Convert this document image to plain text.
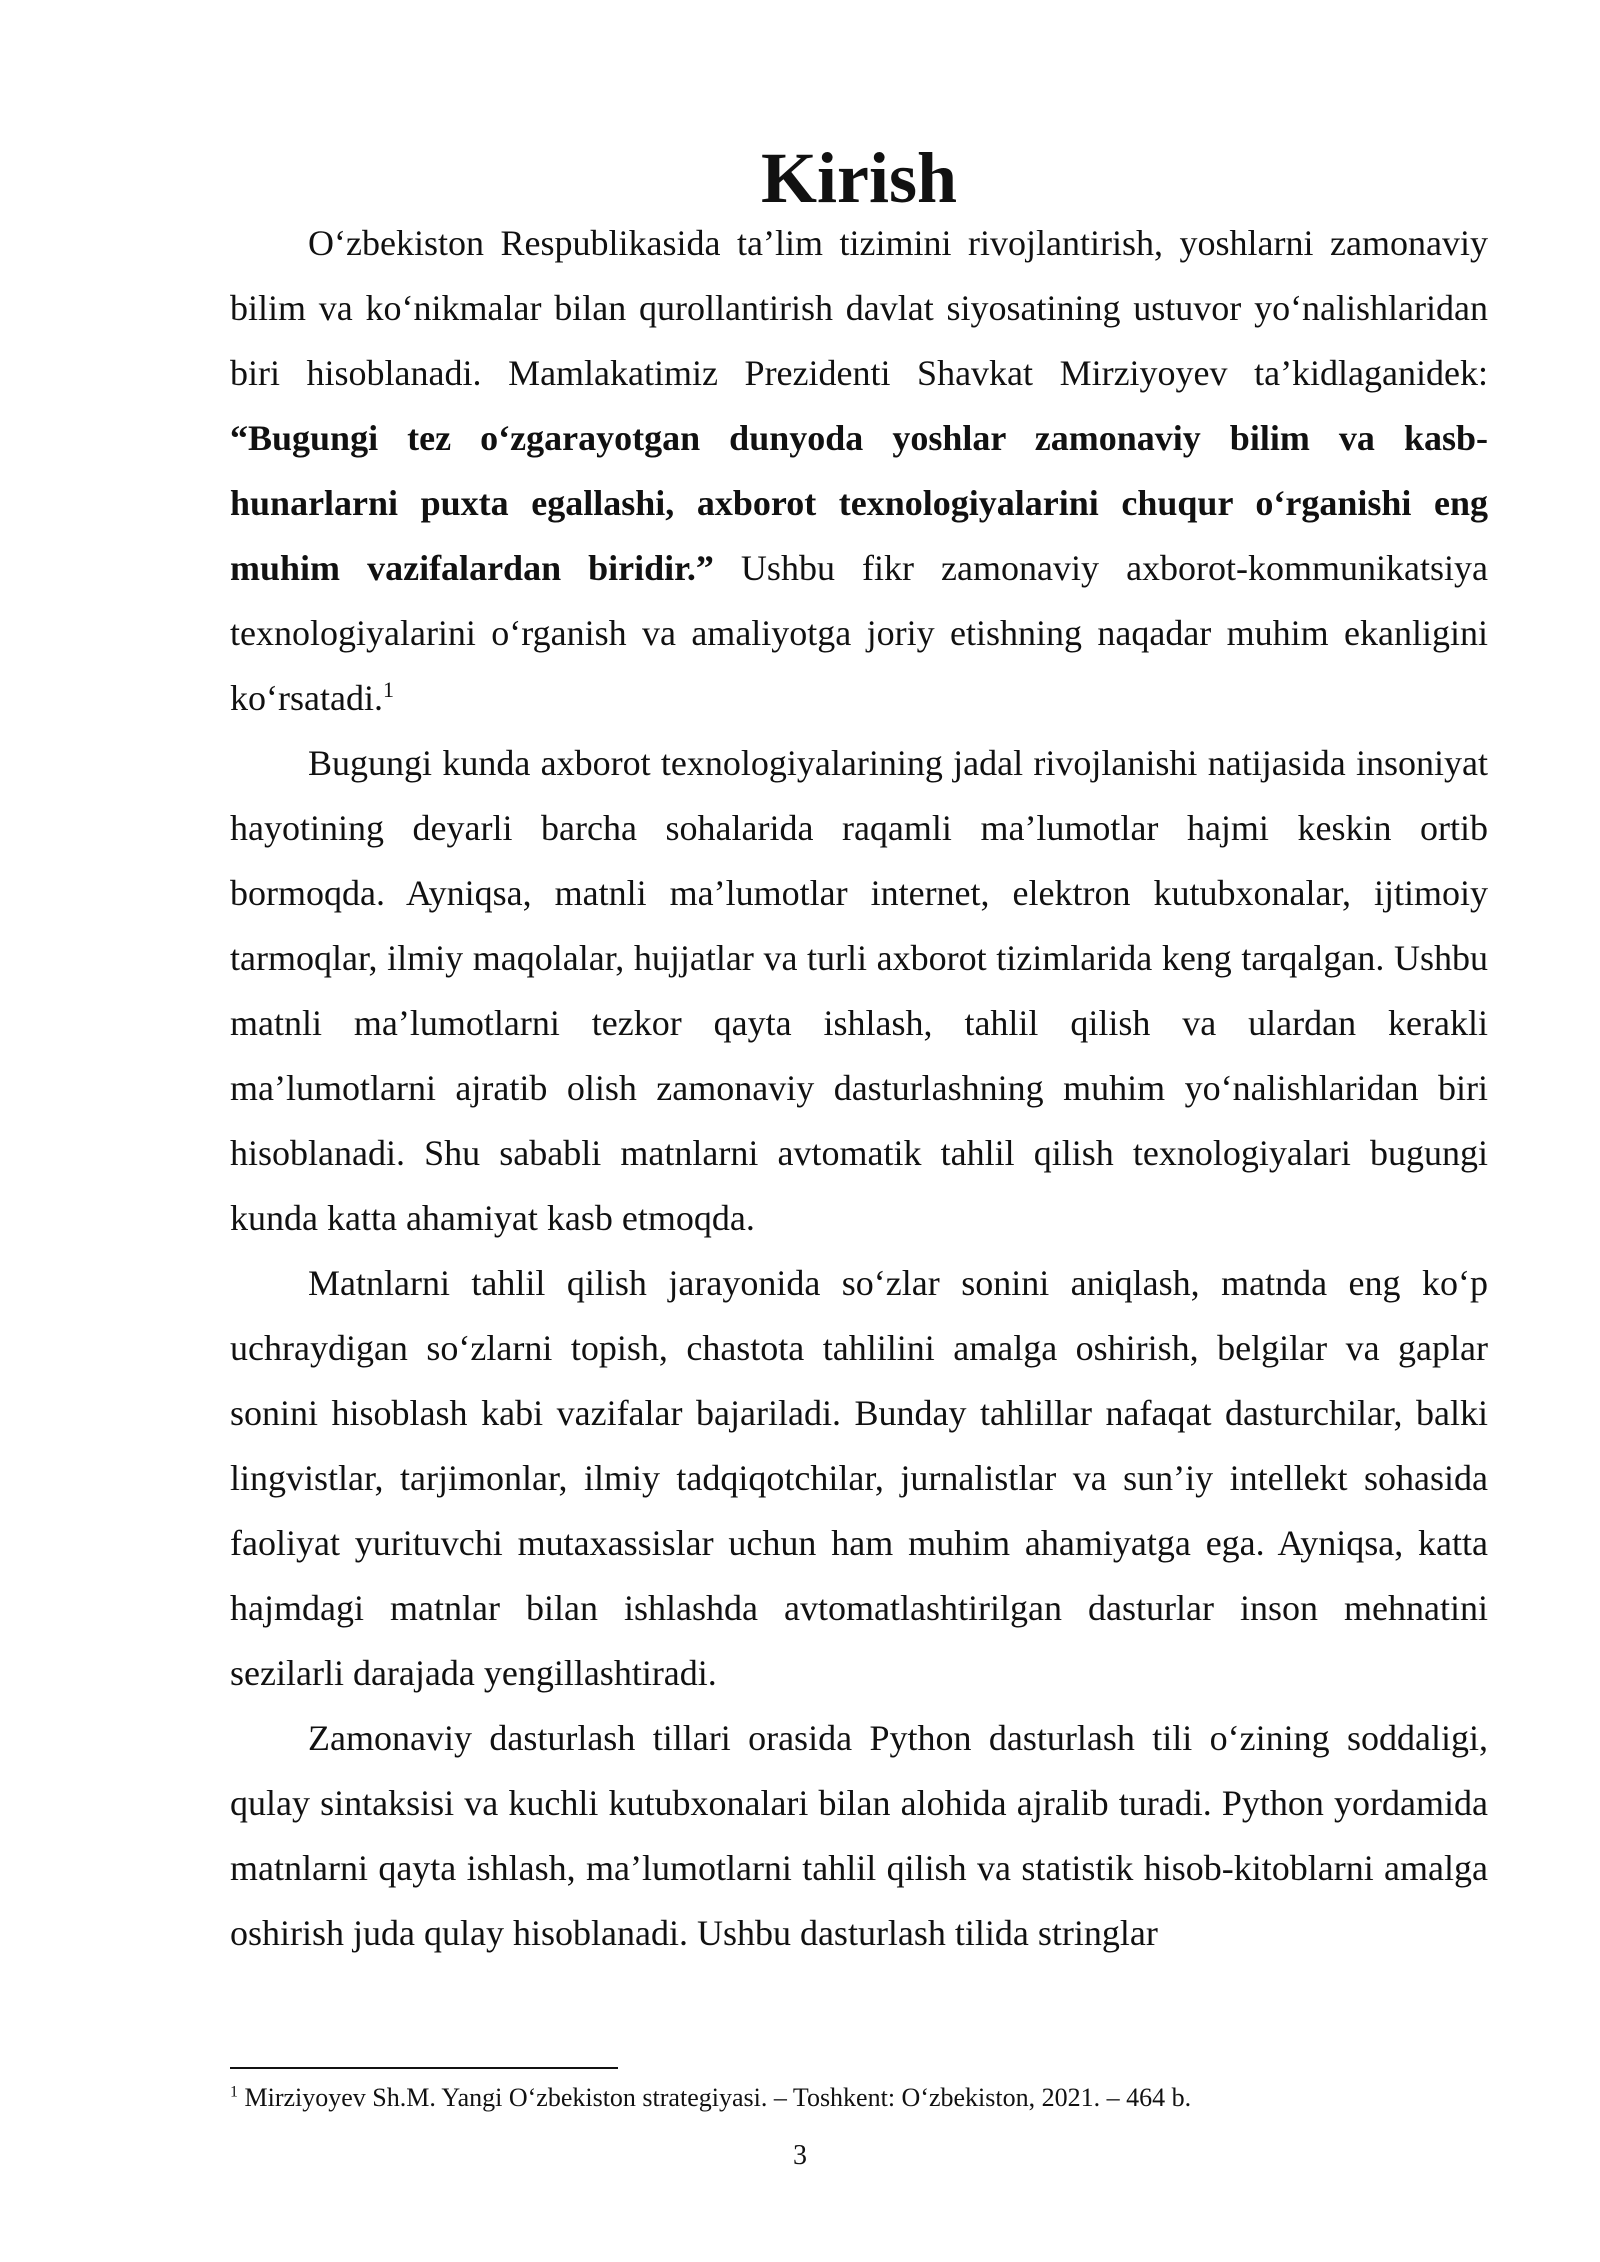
Kirish

O‘zbekiston Respublikasida ta’lim tizimini rivojlantirish, yoshlarni zamonaviy bilim va ko‘nikmalar bilan qurollantirish davlat siyosatining ustuvor yo‘nalishlaridan biri hisoblanadi. Mamlakatimiz Prezidenti Shavkat Mirziyoyev ta’kidlaganidek: “Bugungi tez o‘zgarayotgan dunyoda yoshlar zamonaviy bilim va kasb-hunarlarni puxta egallashi, axborot texnologiyalarini chuqur o‘rganishi eng muhim vazifalardan biridir.” Ushbu fikr zamonaviy axborot-kommunikatsiya texnologiyalarini o‘rganish va amaliyotga joriy etishning naqadar muhim ekanligini ko‘rsatadi.$^1$

Bugungi kunda axborot texnologiyalarining jadal rivojlanishi natijasida insoniyat hayotining deyarli barcha sohalarida raqamli ma’lumotlar hajmi keskin ortib bormoqda. Ayniqsa, matnli ma’lumotlar internet, elektron kutubxonalar, ijtimoiy tarmoqlar, ilmiy maqolalar, hujjatlar va turli axborot tizimlarida keng tarqalgan. Ushbu matnli ma’lumotlarni tezkor qayta ishlash, tahlil qilish va ulardan kerakli ma’lumotlarni ajratib olish zamonaviy dasturlashning muhim yo‘nalishlaridan biri hisoblanadi. Shu sababli matnlarni avtomatik tahlil qilish texnologiyalari bugungi kunda katta ahamiyat kasb etmoqda.

Matnlarni tahlil qilish jarayonida so‘zlar sonini aniqlash, matnda eng ko‘p uchraydigan so‘zlarni topish, chastota tahlilini amalga oshirish, belgilar va gaplar sonini hisoblash kabi vazifalar bajariladi. Bunday tahlillar nafaqat dasturchilar, balki lingvistlar, tarjimonlar, ilmiy tadqiqotchilar, jurnalistlar va sun’iy intellekt sohasida faoliyat yurituvchi mutaxassislar uchun ham muhim ahamiyatga ega. Ayniqsa, katta hajmdagi matnlar bilan ishlashda avtomatlashtirilgan dasturlar inson mehnatini sezilarli darajada yengillashtiradi.

Zamonaviy dasturlash tillari orasida Python dasturlash tili o‘zining soddaligi, qulay sintaksisi va kuchli kutubxonalari bilan alohida ajralib turadi. Python yordamida matnlarni qayta ishlash, ma’lumotlarni tahlil qilish va statistik hisob-kitoblarni amalga oshirish juda qulay hisoblanadi. Ushbu dasturlash tilida stringlar

$^1$ Mirziyoyev Sh.M. Yangi O‘zbekiston strategiyasi. – Toshkent: O‘zbekiston, 2021. – 464 b.
3
